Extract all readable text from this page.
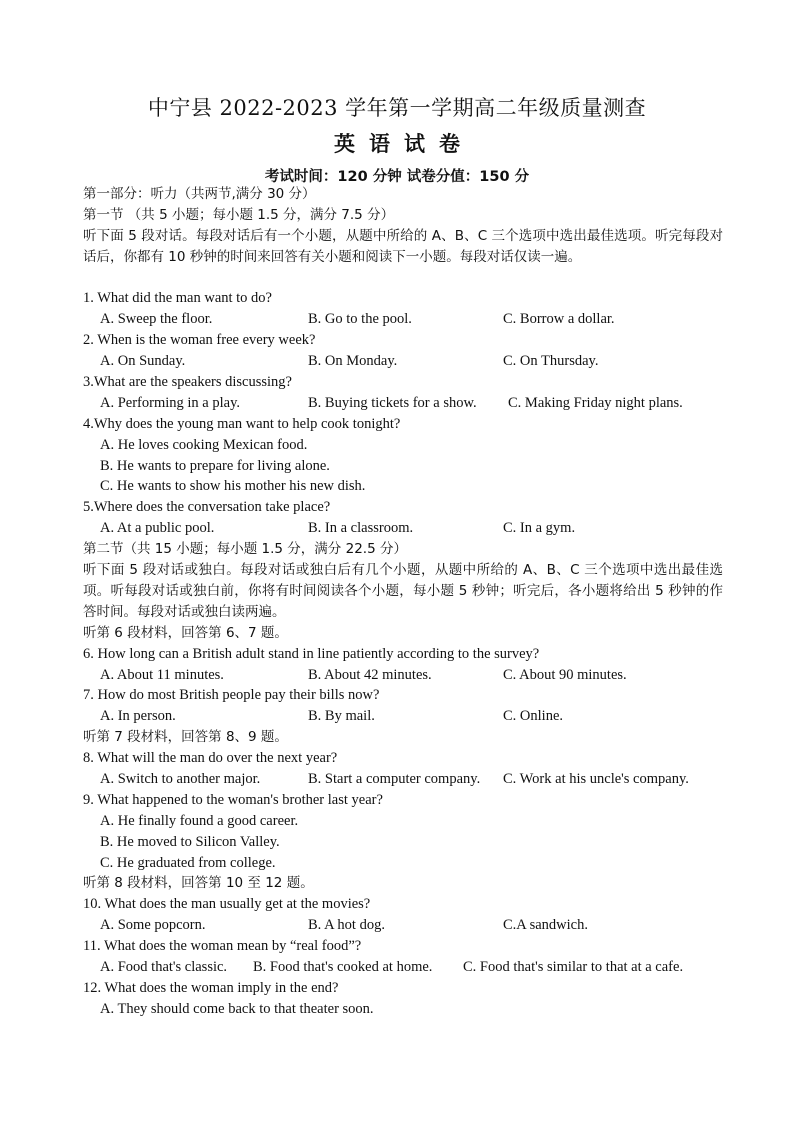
中宁县 2022-2023 学年第一学期高二年级质量测查
英语试卷
考试时间：120 分钟 试卷分值：150 分
第一部分：听力（共两节,满分 30 分）
第一节 （共 5 小题；每小题 1.5 分，满分 7.5 分）
听下面 5 段对话。每段对话后有一个小题，从题中所给的 A、B、C 三个选项中选出最佳选项。听完每段对话后，你都有 10 秒钟的时间来回答有关小题和阅读下一小题。每段对话仅读一遍。
1. What did the man want to do?
A. Sweep the floor.	B. Go to the pool.	C. Borrow a dollar.
2. When is the woman free every week?
A. On Sunday.	B. On Monday.	C. On Thursday.
3.What are the speakers discussing?
A. Performing in a play.	B. Buying tickets for a show. C. Making Friday night plans.
4.Why does the young man want to help cook tonight?
A. He loves cooking Mexican food.
B. He wants to prepare for living alone.
C. He wants to show his mother his new dish.
5.Where does the conversation take place?
A. At a public pool.	B. In a classroom.	C. In a gym.
第二节（共 15 小题；每小题 1.5 分，满分 22.5 分）
听下面 5 段对话或独白。每段对话或独白后有几个小题，从题中所给的 A、B、C 三个选项中选出最佳选项。听每段对话或独白前，你将有时间阅读各个小题，每小题 5 秒钟；听完后，各小题将给出 5 秒钟的作答时间。每段对话或独白读两遍。
听第 6 段材料，回答第 6、7 题。
6. How long can a British adult stand in line patiently according to the survey?
A. About 11 minutes.	B. About 42 minutes.	C. About 90 minutes.
7. How do most British people pay their bills now?
A. In person.	B. By mail.	C. Online.
听第 7 段材料，回答第 8、9 题。
8. What will the man do over the next year?
A. Switch to another major.	B. Start a computer company. C. Work at his uncle's company.
9. What happened to the woman's brother last year?
A. He finally found a good career.
B. He moved to Silicon Valley.
C. He graduated from college.
听第 8 段材料，回答第 10 至 12 题。
10. What does the man usually get at the movies?
A. Some popcorn.	B. A hot dog.	C.A sandwich.
11. What does the woman mean by “real food”?
A. Food that's classic. B. Food that's cooked at home. C. Food that's similar to that at a cafe.
12. What does the woman imply in the end?
A. They should come back to that theater soon.
